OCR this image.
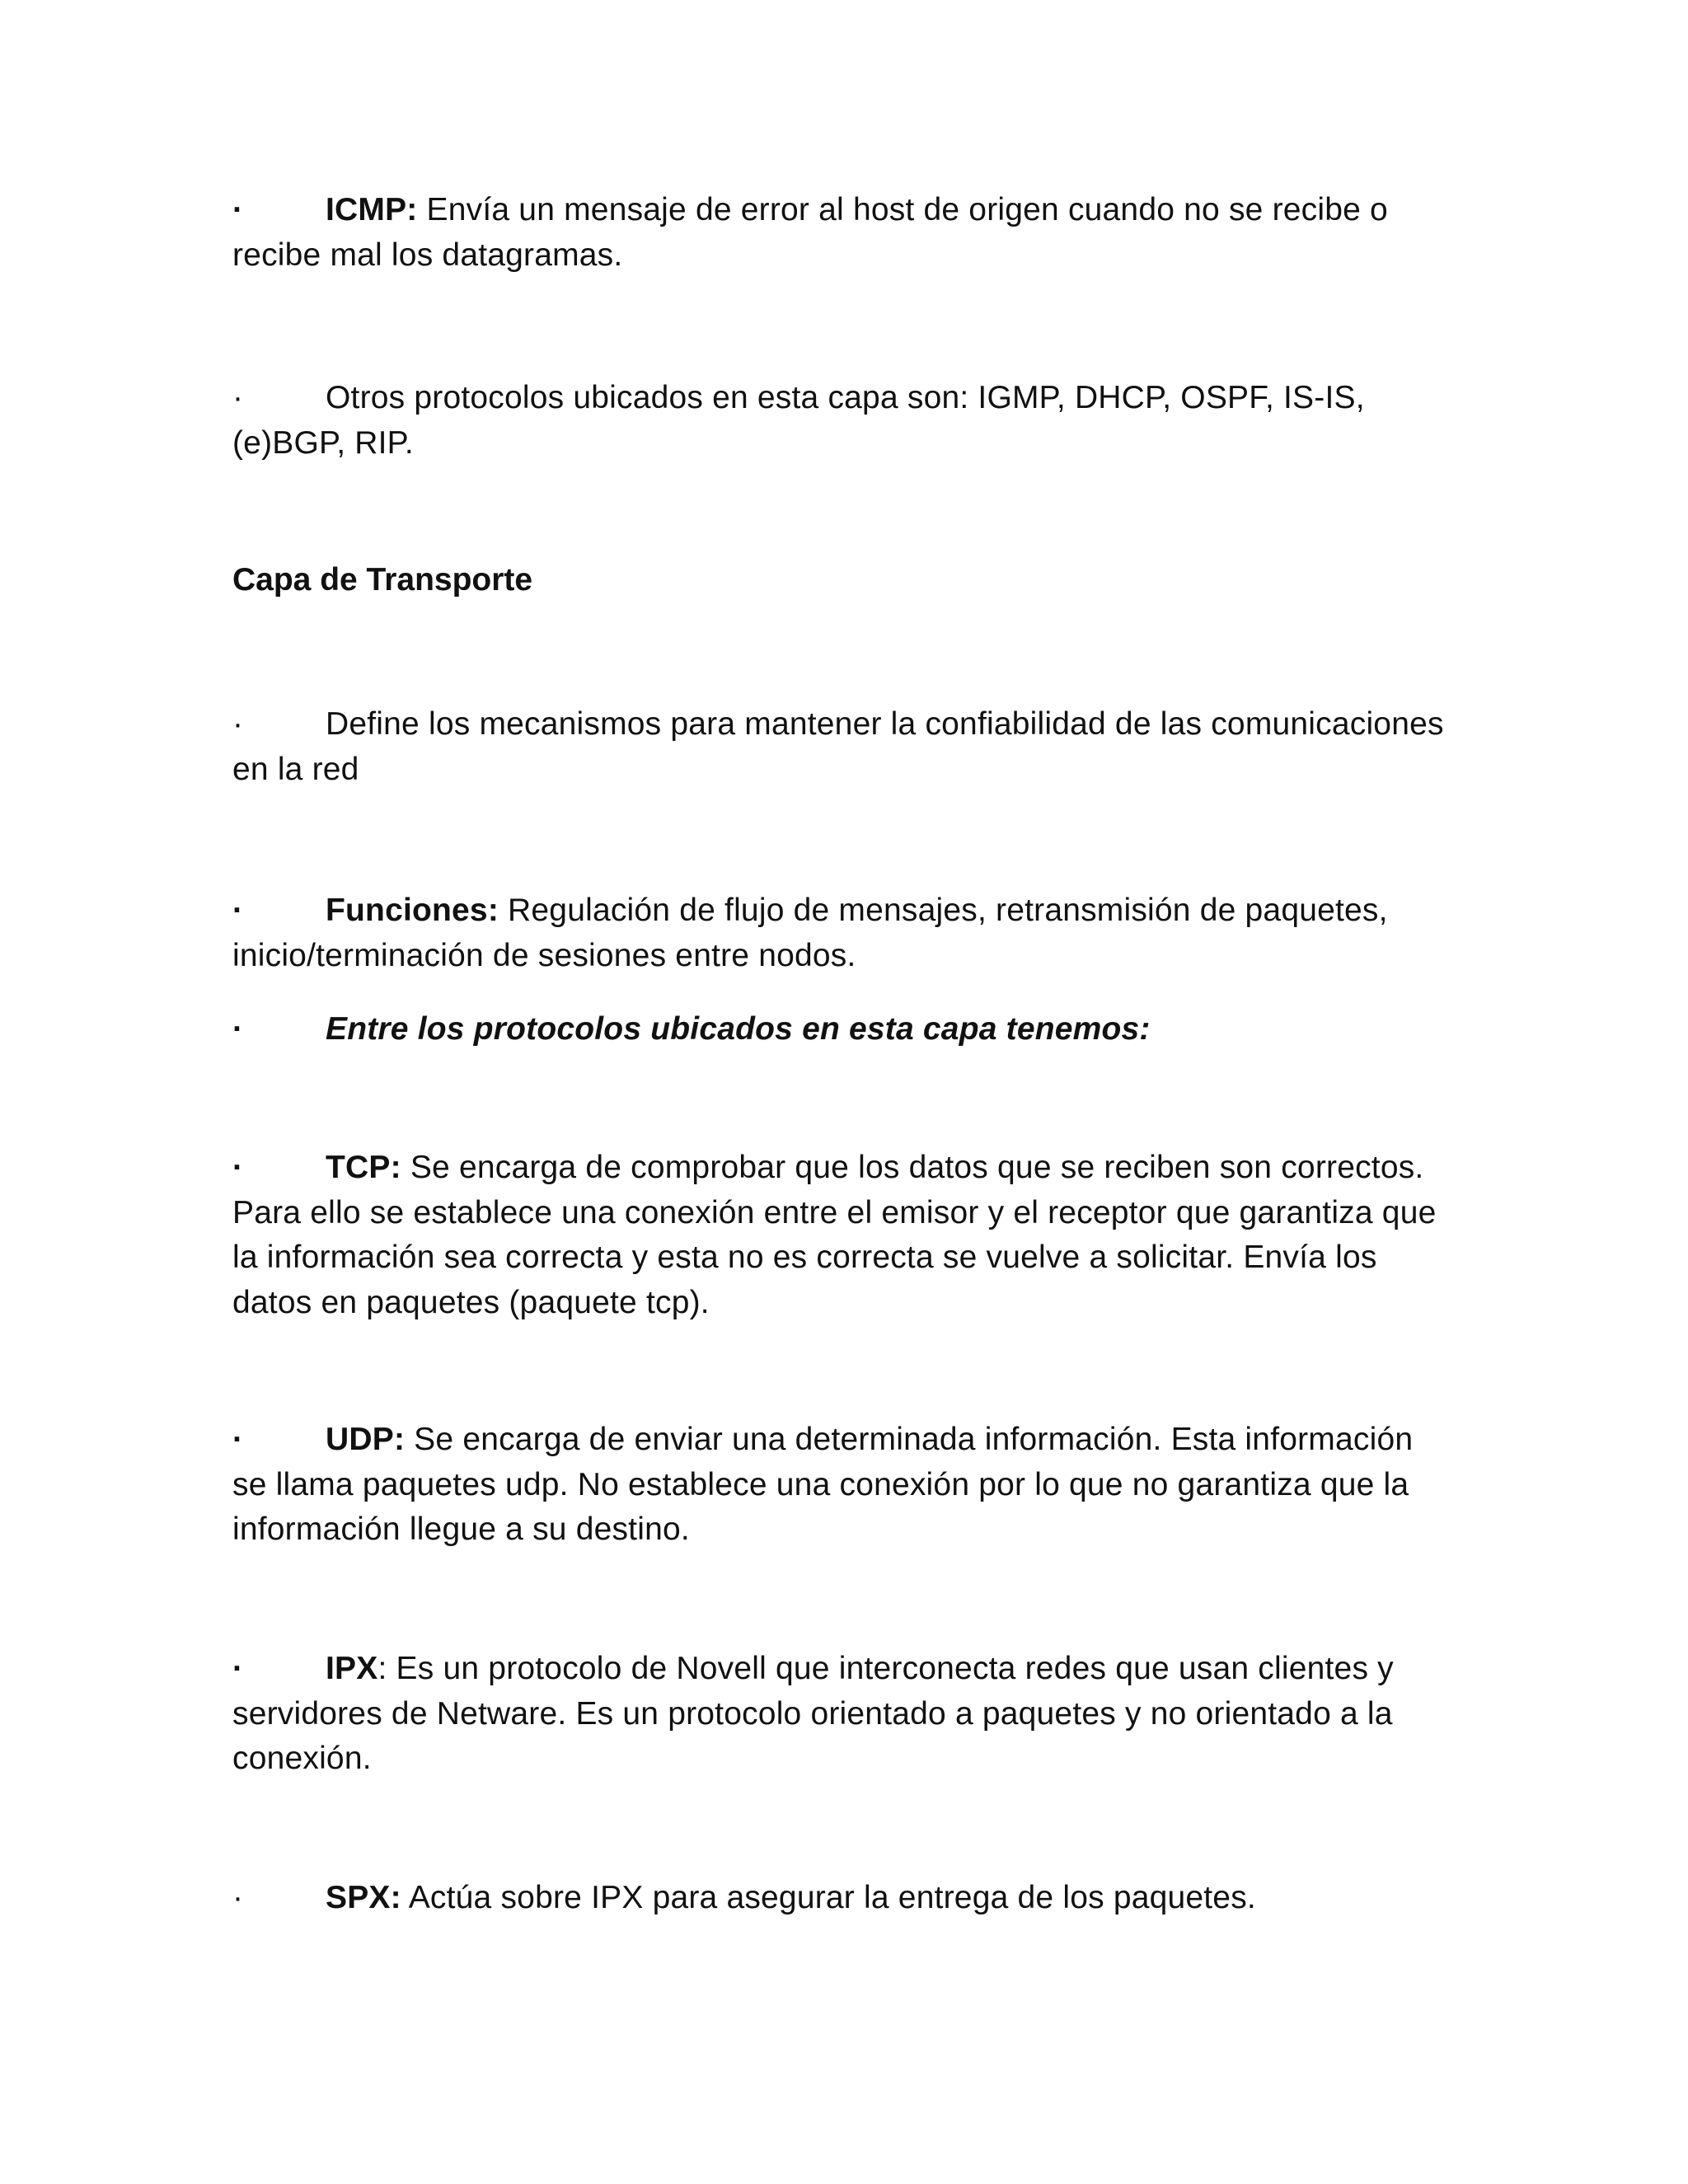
·	ICMP: Envía un mensaje de error al host de origen cuando no se recibe o recibe mal los datagramas.

·	Otros protocolos ubicados en esta capa son: IGMP, DHCP, OSPF, IS-IS, (e)BGP, RIP.

Capa de Transporte

·	Define los mecanismos para mantener la confiabilidad de las comunicaciones en la red

·	Funciones: Regulación de flujo de mensajes, retransmisión de paquetes, inicio/terminación de sesiones entre nodos.

·	Entre los protocolos ubicados en esta capa tenemos:

·	TCP: Se encarga de comprobar que los datos que se reciben son correctos. Para ello se establece una conexión entre el emisor y el receptor que garantiza que la información sea correcta y esta no es correcta se vuelve a solicitar. Envía los datos en paquetes (paquete tcp).

·	UDP: Se encarga de enviar una determinada información. Esta información se llama paquetes udp. No establece una conexión por lo que no garantiza que la información llegue a su destino.

·	IPX: Es un protocolo de Novell que interconecta redes que usan clientes y servidores de Netware. Es un protocolo orientado a paquetes y no orientado a la conexión.

·	SPX: Actúa sobre IPX para asegurar la entrega de los paquetes.
